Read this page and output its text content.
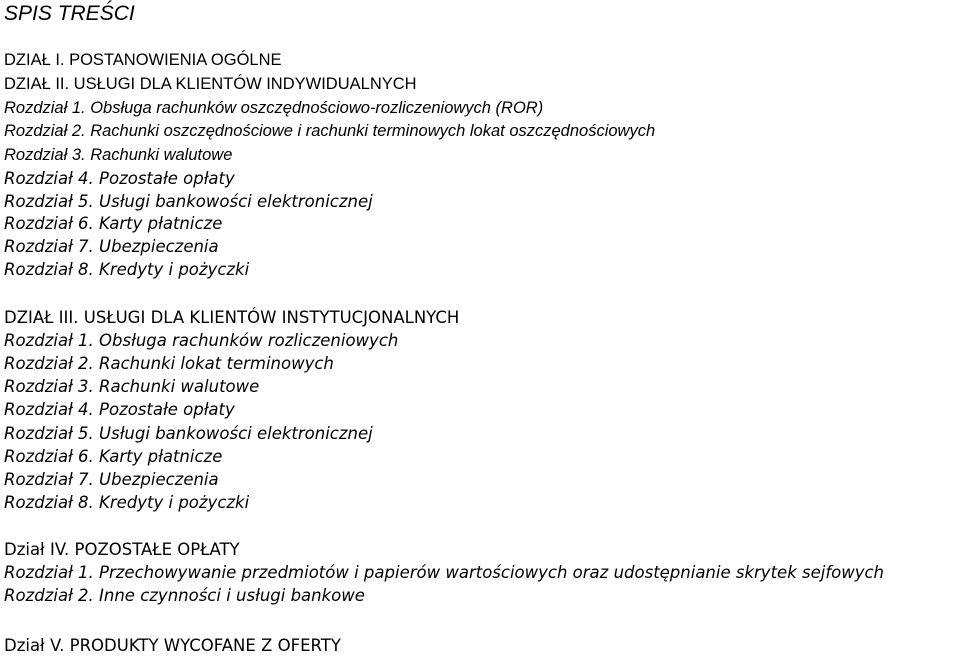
SPIS TREŚCI
DZIAŁ I. POSTANOWIENIA OGÓLNE
DZIAŁ II. USŁUGI DLA KLIENTÓW INDYWIDUALNYCH
Rozdział 1. Obsługa rachunków oszczędnościowo-rozliczeniowych (ROR)
Rozdział 2. Rachunki oszczędnościowe i rachunki terminowych lokat oszczędnościowych
Rozdział 3. Rachunki walutowe
Rozdział 4. Pozostałe opłaty
Rozdział 5. Usługi bankowości elektronicznej
Rozdział 6. Karty płatnicze
Rozdział 7. Ubezpieczenia
Rozdział 8. Kredyty i pożyczki
DZIAŁ III. USŁUGI DLA KLIENTÓW INSTYTUCJONALNYCH
Rozdział 1. Obsługa rachunków rozliczeniowych
Rozdział 2. Rachunki lokat terminowych
Rozdział 3. Rachunki walutowe
Rozdział 4. Pozostałe opłaty
Rozdział 5. Usługi bankowości elektronicznej
Rozdział 6. Karty płatnicze
Rozdział 7. Ubezpieczenia
Rozdział 8. Kredyty i pożyczki
Dział IV. POZOSTAŁE OPŁATY
Rozdział 1. Przechowywanie przedmiotów i papierów wartościowych oraz udostępnianie skrytek sejfowych
Rozdział 2. Inne czynności i usługi bankowe
Dział V. PRODUKTY WYCOFANE Z OFERTY
